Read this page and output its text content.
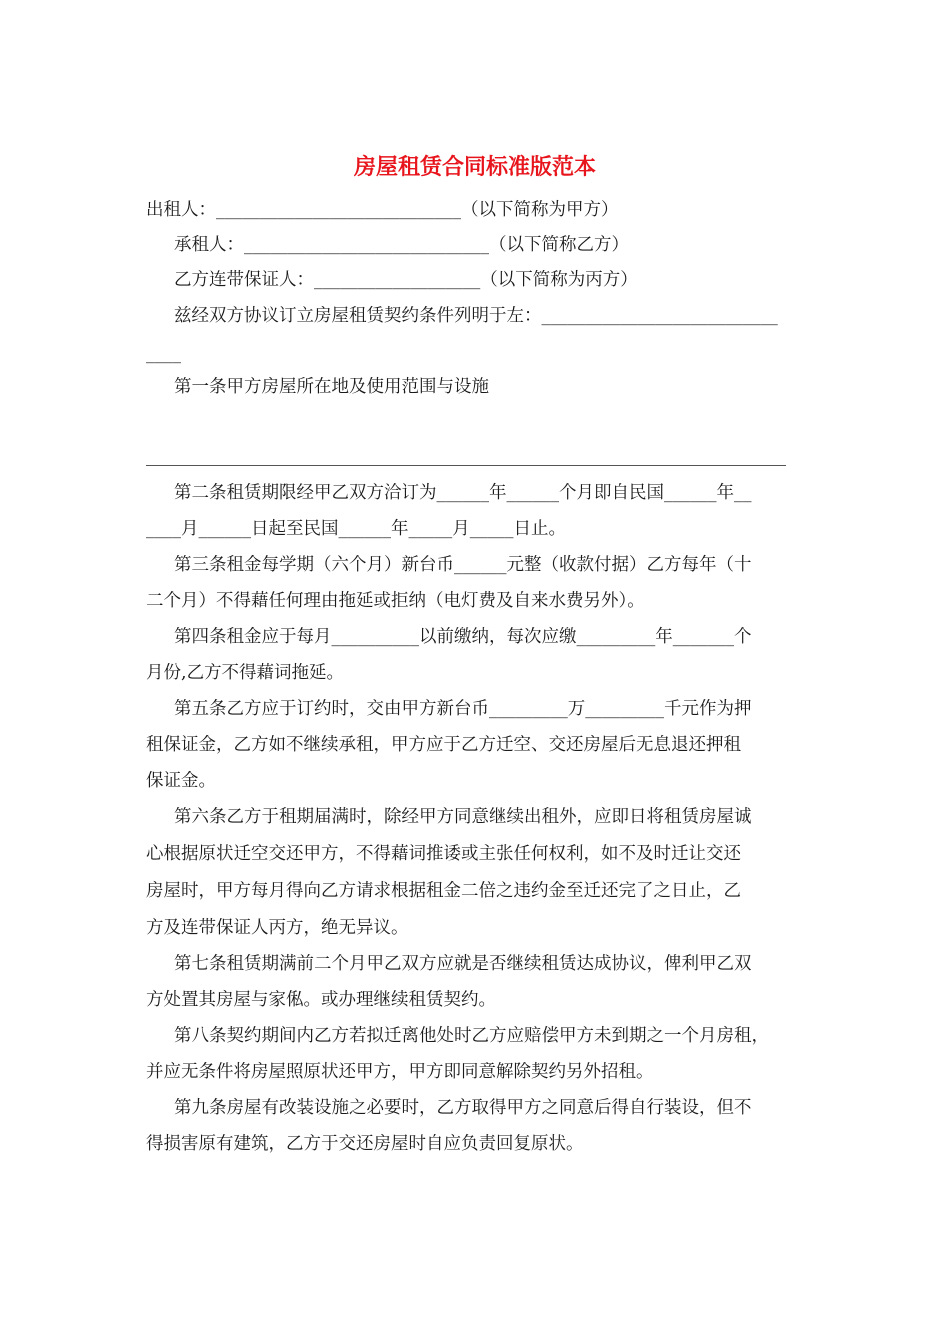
房屋租赁合同标准版范本
出租人：____________________________（以下简称为甲方）
承租人：____________________________（以下简称乙方）
乙方连带保证人：___________________（以下简称为丙方）
兹经双方协议订立房屋租赁契约条件列明于左：___________________________
____
第一条甲方房屋所在地及使用范围与设施
第二条租赁期限经甲乙双方洽订为______年______个月即自民国______年__
____月______日起至民国______年_____月_____日止。
第三条租金每学期（六个月）新台币______元整（收款付据）乙方每年（十
二个月）不得藉任何理由拖延或拒纳（电灯费及自来水费另外）。
第四条租金应于每月__________以前缴纳，每次应缴_________年_______个
月份,乙方不得藉词拖延。
第五条乙方应于订约时，交由甲方新台币_________万_________千元作为押
租保证金，乙方如不继续承租，甲方应于乙方迁空、交还房屋后无息退还押租
保证金。
第六条乙方于租期届满时，除经甲方同意继续出租外，应即日将租赁房屋诚
心根据原状迁空交还甲方，不得藉词推诿或主张任何权利，如不及时迁让交还
房屋时，甲方每月得向乙方请求根据租金二倍之违约金至迁还完了之日止，乙
方及连带保证人丙方，绝无异议。
第七条租赁期满前二个月甲乙双方应就是否继续租赁达成协议，俾利甲乙双
方处置其房屋与家俬。或办理继续租赁契约。
第八条契约期间内乙方若拟迁离他处时乙方应赔偿甲方未到期之一个月房租，
并应无条件将房屋照原状还甲方，甲方即同意解除契约另外招租。
第九条房屋有改装设施之必要时，乙方取得甲方之同意后得自行装设，但不
得损害原有建筑，乙方于交还房屋时自应负责回复原状。
